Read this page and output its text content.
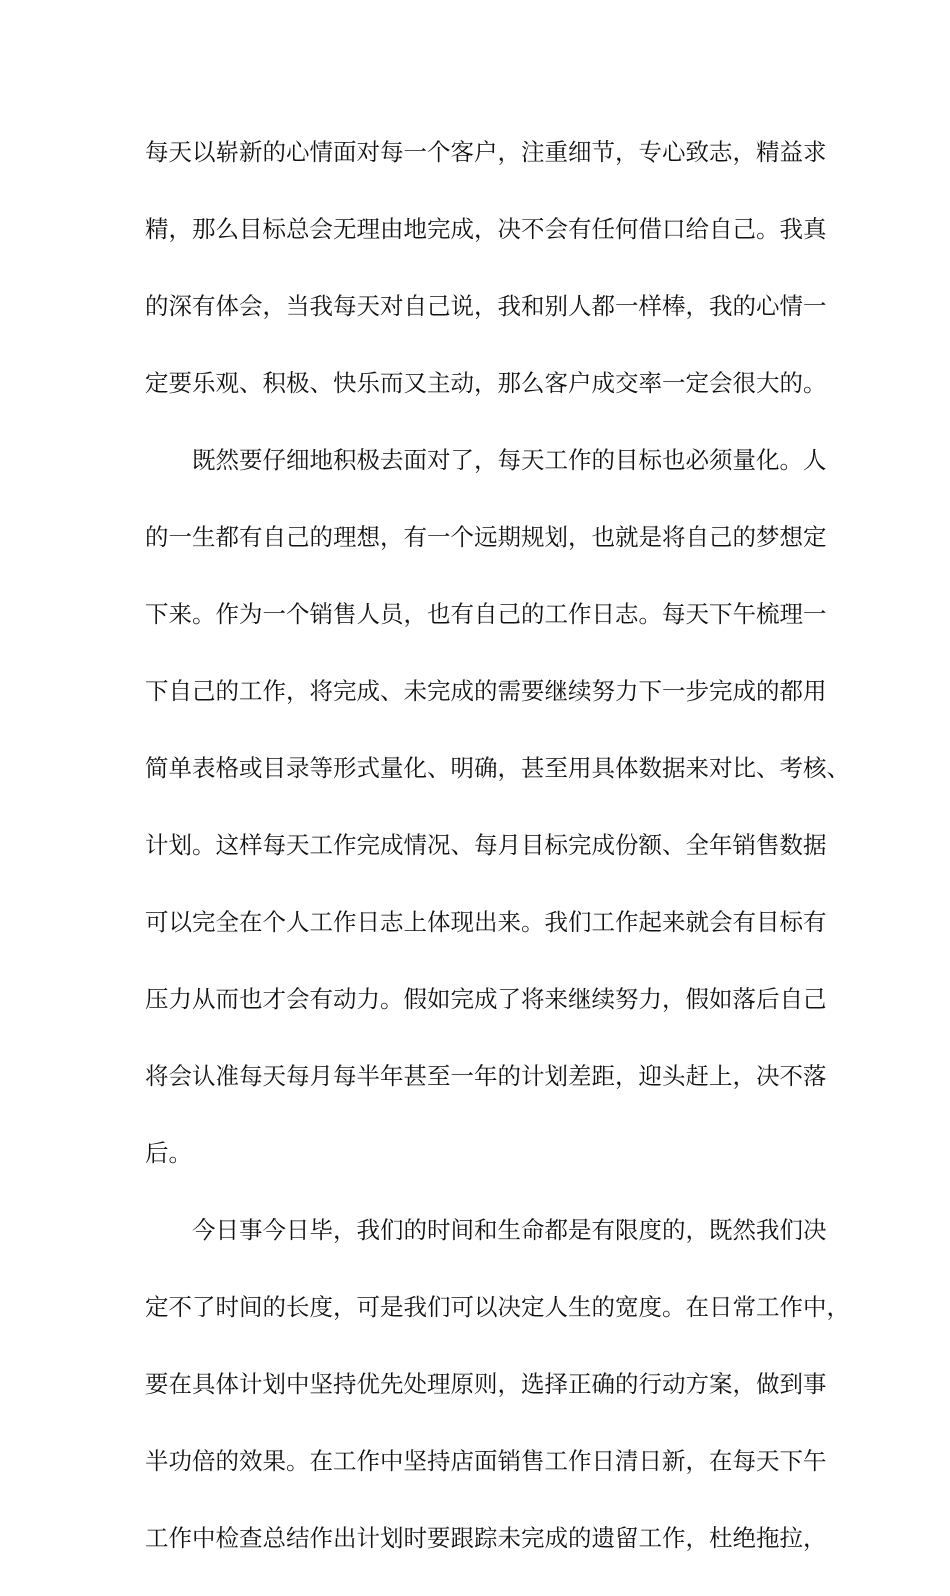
每天以崭新的心情面对每一个客户，注重细节，专心致志，精益求
精，那么目标总会无理由地完成，决不会有任何借口给自己。我真
的深有体会，当我每天对自己说，我和别人都一样棒，我的心情一
定要乐观、积极、快乐而又主动，那么客户成交率一定会很大的。
既然要仔细地积极去面对了，每天工作的目标也必须量化。人
的一生都有自己的理想，有一个远期规划，也就是将自己的梦想定
下来。作为一个销售人员，也有自己的工作日志。每天下午梳理一
下自己的工作，将完成、未完成的需要继续努力下一步完成的都用
简单表格或目录等形式量化、明确，甚至用具体数据来对比、考核、
计划。这样每天工作完成情况、每月目标完成份额、全年销售数据
可以完全在个人工作日志上体现出来。我们工作起来就会有目标有
压力从而也才会有动力。假如完成了将来继续努力，假如落后自己
将会认准每天每月每半年甚至一年的计划差距，迎头赶上，决不落
后。
今日事今日毕，我们的时间和生命都是有限度的，既然我们决
定不了时间的长度，可是我们可以决定人生的宽度。在日常工作中，
要在具体计划中坚持优先处理原则，选择正确的行动方案，做到事
半功倍的效果。在工作中坚持店面销售工作日清日新，在每天下午
工作中检查总结作出计划时要跟踪未完成的遗留工作，杜绝拖拉，
